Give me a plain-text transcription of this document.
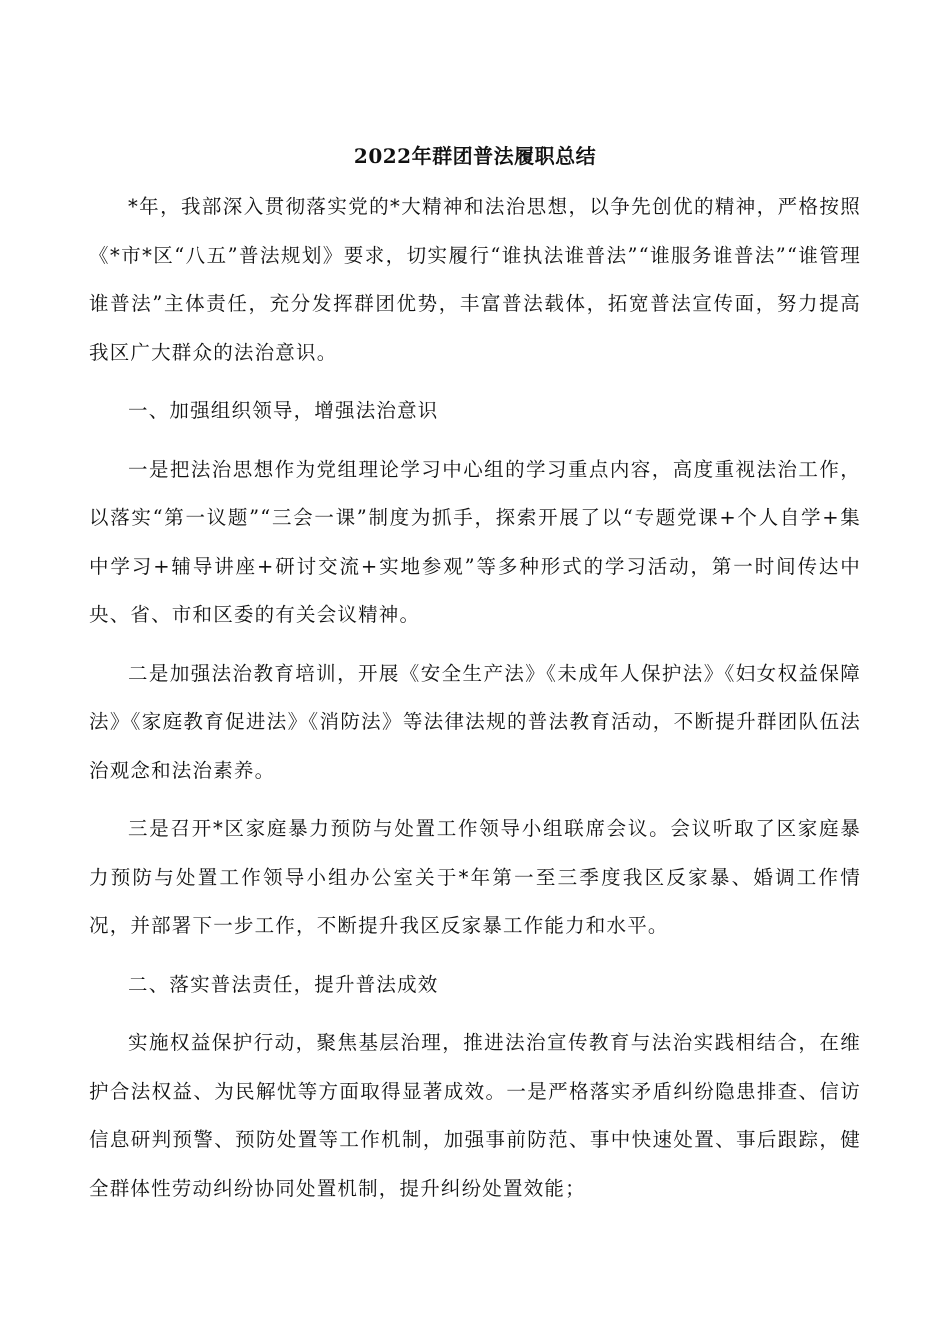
2022年群团普法履职总结

*年，我部深入贯彻落实党的*大精神和法治思想，以争先创优的精神，严格按照《*市*区“八五”普法规划》要求，切实履行“谁执法谁普法”“谁服务谁普法”“谁管理谁普法”主体责任，充分发挥群团优势，丰富普法载体，拓宽普法宣传面，努力提高我区广大群众的法治意识。

一、加强组织领导，增强法治意识

一是把法治思想作为党组理论学习中心组的学习重点内容，高度重视法治工作，以落实“第一议题”“三会一课”制度为抓手，探索开展了以“专题党课+个人自学+集中学习+辅导讲座+研讨交流+实地参观”等多种形式的学习活动，第一时间传达中央、省、市和区委的有关会议精神。

二是加强法治教育培训，开展《安全生产法》《未成年人保护法》《妇女权益保障法》《家庭教育促进法》《消防法》等法律法规的普法教育活动，不断提升群团队伍法治观念和法治素养。

三是召开*区家庭暴力预防与处置工作领导小组联席会议。会议听取了区家庭暴力预防与处置工作领导小组办公室关于*年第一至三季度我区反家暴、婚调工作情况，并部署下一步工作，不断提升我区反家暴工作能力和水平。

二、落实普法责任，提升普法成效

实施权益保护行动，聚焦基层治理，推进法治宣传教育与法治实践相结合，在维护合法权益、为民解忧等方面取得显著成效。一是严格落实矛盾纠纷隐患排查、信访信息研判预警、预防处置等工作机制，加强事前防范、事中快速处置、事后跟踪，健全群体性劳动纠纷协同处置机制，提升纠纷处置效能；
